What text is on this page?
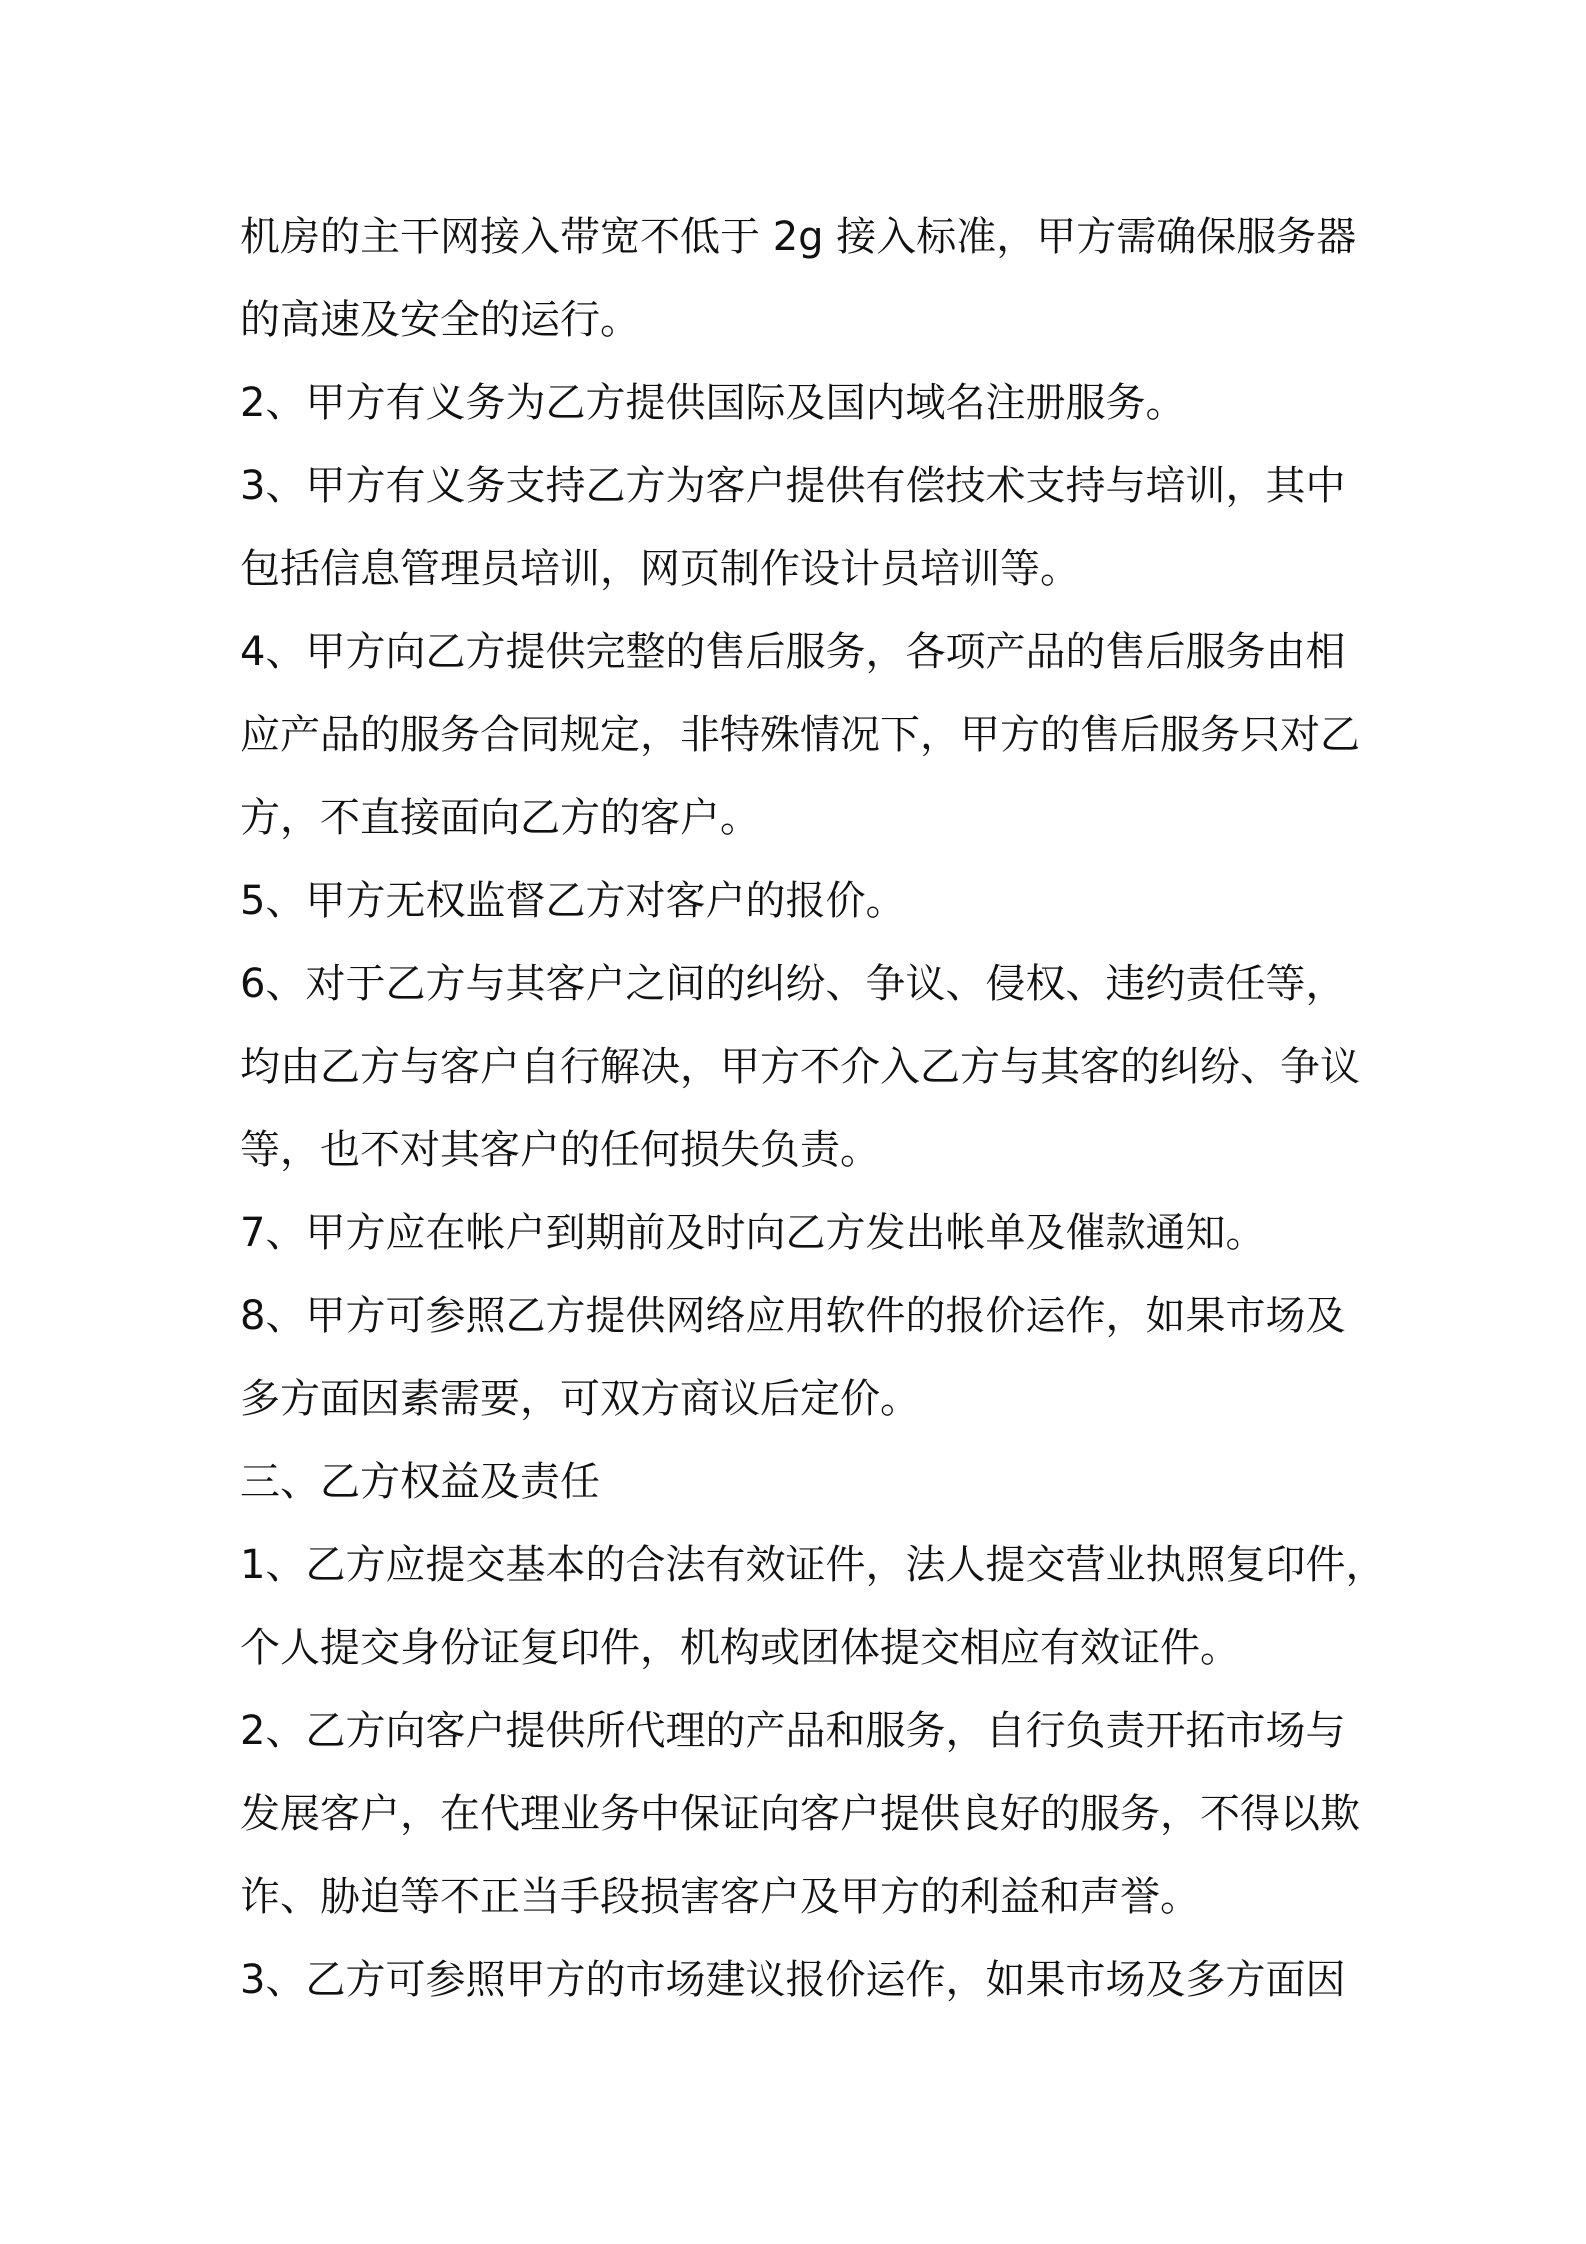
机房的主干网接入带宽不低于 2g 接入标准，甲方需确保服务器
的高速及安全的运行。
2、甲方有义务为乙方提供国际及国内域名注册服务。
3、甲方有义务支持乙方为客户提供有偿技术支持与培训，其中
包括信息管理员培训，网页制作设计员培训等。
4、甲方向乙方提供完整的售后服务，各项产品的售后服务由相
应产品的服务合同规定，非特殊情况下，甲方的售后服务只对乙
方，不直接面向乙方的客户。
5、甲方无权监督乙方对客户的报价。
6、对于乙方与其客户之间的纠纷、争议、侵权、违约责任等，
均由乙方与客户自行解决，甲方不介入乙方与其客的纠纷、争议
等，也不对其客户的任何损失负责。
7、甲方应在帐户到期前及时向乙方发出帐单及催款通知。
8、甲方可参照乙方提供网络应用软件的报价运作，如果市场及
多方面因素需要，可双方商议后定价。
三、乙方权益及责任
1、乙方应提交基本的合法有效证件，法人提交营业执照复印件，
个人提交身份证复印件，机构或团体提交相应有效证件。
2、乙方向客户提供所代理的产品和服务，自行负责开拓市场与
发展客户，在代理业务中保证向客户提供良好的服务，不得以欺
诈、胁迫等不正当手段损害客户及甲方的利益和声誉。
3、乙方可参照甲方的市场建议报价运作，如果市场及多方面因
